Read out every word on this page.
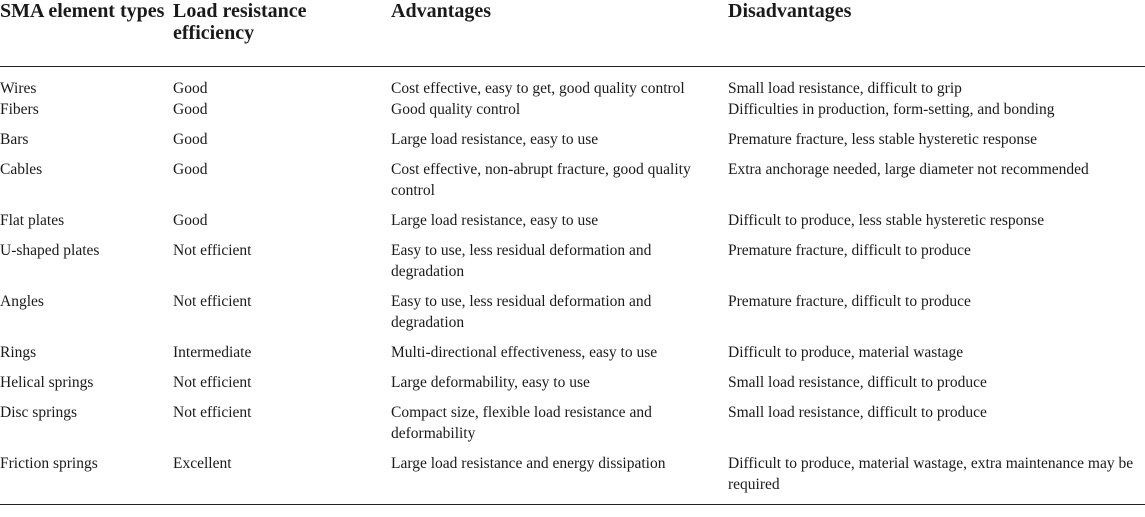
SMA element types	Load resistance efficiency	Advantages	Disadvantages
Wires	Good	Cost effective, easy to get, good quality control	Small load resistance, difficult to grip
Fibers	Good	Good quality control	Difficulties in production, form-setting, and bonding
Bars	Good	Large load resistance, easy to use	Premature fracture, less stable hysteretic response
Cables	Good	Cost effective, non-abrupt fracture, good quality control	Extra anchorage needed, large diameter not recommended
Flat plates	Good	Large load resistance, easy to use	Difficult to produce, less stable hysteretic response
U-shaped plates	Not efficient	Easy to use, less residual deformation and degradation	Premature fracture, difficult to produce
Angles	Not efficient	Easy to use, less residual deformation and degradation	Premature fracture, difficult to produce
Rings	Intermediate	Multi-directional effectiveness, easy to use	Difficult to produce, material wastage
Helical springs	Not efficient	Large deformability, easy to use	Small load resistance, difficult to produce
Disc springs	Not efficient	Compact size, flexible load resistance and deformability	Small load resistance, difficult to produce
Friction springs	Excellent	Large load resistance and energy dissipation	Difficult to produce, material wastage, extra maintenance may be required
